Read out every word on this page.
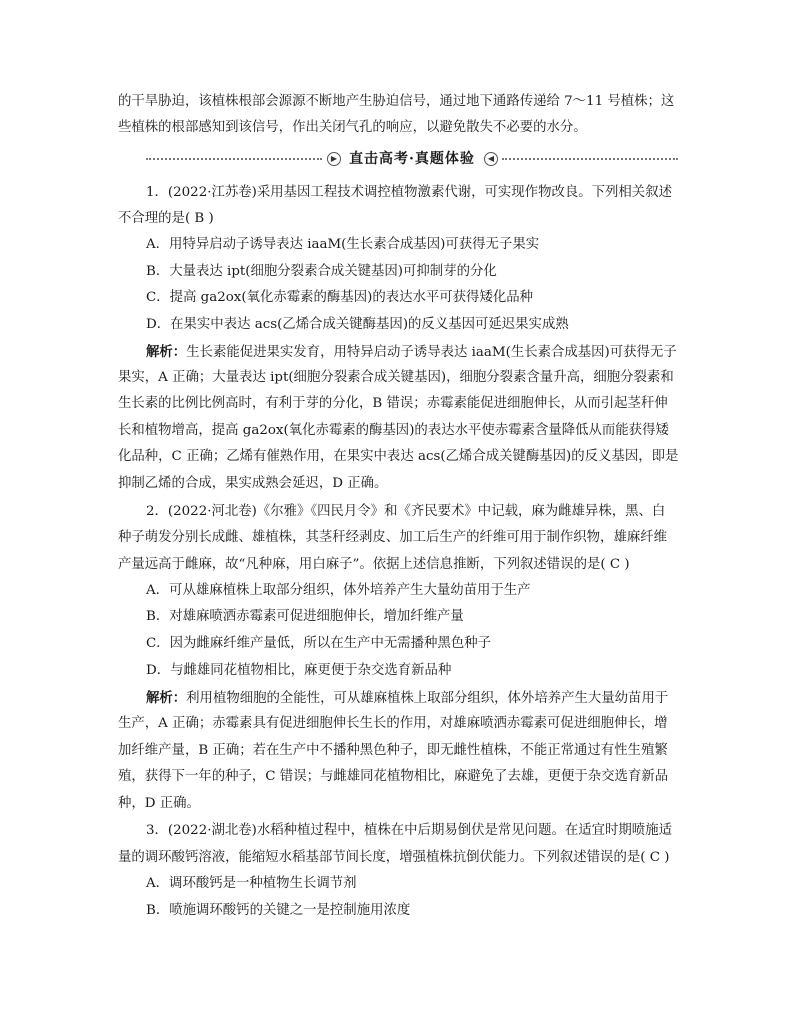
的干旱胁迫，该植株根部会源源不断地产生胁迫信号，通过地下通路传递给 7～11 号植株；这
些植株的根部感知到该信号，作出关闭气孔的响应，以避免散失不必要的水分。
▶ 直击高考·真题体验	◀
1．(2022·江苏卷)采用基因工程技术调控植物激素代谢，可实现作物改良。下列相关叙述
不合理的是( B )
A．用特异启动子诱导表达 iaaM(生长素合成基因)可获得无子果实
B．大量表达 ipt(细胞分裂素合成关键基因)可抑制芽的分化
C．提高 ga2ox(氧化赤霉素的酶基因)的表达水平可获得矮化品种
D．在果实中表达 acs(乙烯合成关键酶基因)的反义基因可延迟果实成熟
解析：生长素能促进果实发育，用特异启动子诱导表达 iaaM(生长素合成基因)可获得无子
果实，A 正确；大量表达 ipt(细胞分裂素合成关键基因)，细胞分裂素含量升高，细胞分裂素和
生长素的比例比例高时，有利于芽的分化，B 错误；赤霉素能促进细胞伸长，从而引起茎秆伸
长和植物增高，提高 ga2ox(氧化赤霉素的酶基因)的表达水平使赤霉素含量降低从而能获得矮
化品种，C 正确；乙烯有催熟作用，在果实中表达 acs(乙烯合成关键酶基因)的反义基因，即是
抑制乙烯的合成，果实成熟会延迟，D 正确。
2．(2022·河北卷)《尔雅》《四民月令》和《齐民要术》中记载，麻为雌雄异株，黑、白
种子萌发分别长成雌、雄植株，其茎秆经剥皮、加工后生产的纤维可用于制作织物，雄麻纤维
产量远高于雌麻，故“凡种麻，用白麻子”。依据上述信息推断，下列叙述错误的是( C )
A．可从雄麻植株上取部分组织，体外培养产生大量幼苗用于生产
B．对雄麻喷洒赤霉素可促进细胞伸长，增加纤维产量
C．因为雌麻纤维产量低，所以在生产中无需播种黑色种子
D．与雌雄同花植物相比，麻更便于杂交选育新品种
解析：利用植物细胞的全能性，可从雄麻植株上取部分组织，体外培养产生大量幼苗用于
生产，A 正确；赤霉素具有促进细胞伸长生长的作用，对雄麻喷洒赤霉素可促进细胞伸长，增
加纤维产量，B 正确；若在生产中不播种黑色种子，即无雌性植株，不能正常通过有性生殖繁
殖，获得下一年的种子，C 错误；与雌雄同花植物相比，麻避免了去雄，更便于杂交选育新品
种，D 正确。
3．(2022·湖北卷)水稻种植过程中，植株在中后期易倒伏是常见问题。在适宜时期喷施适
量的调环酸钙溶液，能缩短水稻基部节间长度，增强植株抗倒伏能力。下列叙述错误的是( C )
A．调环酸钙是一种植物生长调节剂
B．喷施调环酸钙的关键之一是控制施用浓度
